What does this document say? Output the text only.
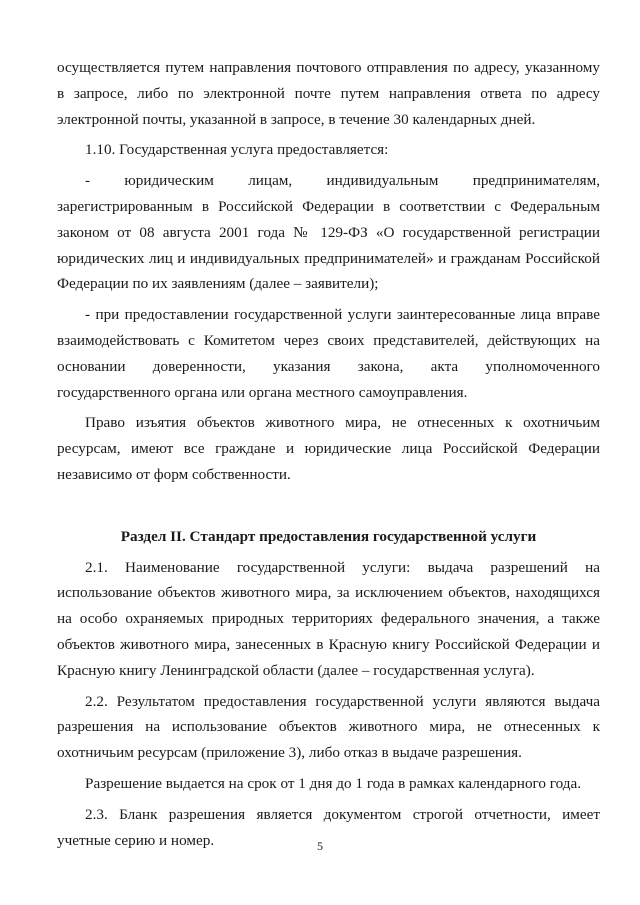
осуществляется путем направления почтового отправления по адресу, указанному в запросе, либо по электронной почте путем направления ответа по адресу электронной почты, указанной в запросе, в течение 30 календарных дней.

1.10. Государственная услуга предоставляется:

- юридическим лицам, индивидуальным предпринимателям, зарегистрированным в Российской Федерации в соответствии с Федеральным законом от 08 августа 2001 года № 129-ФЗ «О государственной регистрации юридических лиц и индивидуальных предпринимателей» и гражданам Российской Федерации по их заявлениям (далее – заявители);

- при предоставлении государственной услуги заинтересованные лица вправе взаимодействовать с Комитетом через своих представителей, действующих на основании доверенности, указания закона, акта уполномоченного государственного органа или органа местного самоуправления.

Право изъятия объектов животного мира, не отнесенных к охотничьим ресурсам, имеют все граждане и юридические лица Российской Федерации независимо от форм собственности.

Раздел II. Стандарт предоставления государственной услуги

2.1. Наименование государственной услуги: выдача разрешений на использование объектов животного мира, за исключением объектов, находящихся на особо охраняемых природных территориях федерального значения, а также объектов животного мира, занесенных в Красную книгу Российской Федерации и Красную книгу Ленинградской области (далее – государственная услуга).

2.2. Результатом предоставления государственной услуги являются выдача разрешения на использование объектов животного мира, не отнесенных к охотничьим ресурсам (приложение 3), либо отказ в выдаче разрешения.

Разрешение выдается на срок от 1 дня до 1 года в рамках календарного года.

2.3. Бланк разрешения является документом строгой отчетности, имеет учетные серию и номер.	5
